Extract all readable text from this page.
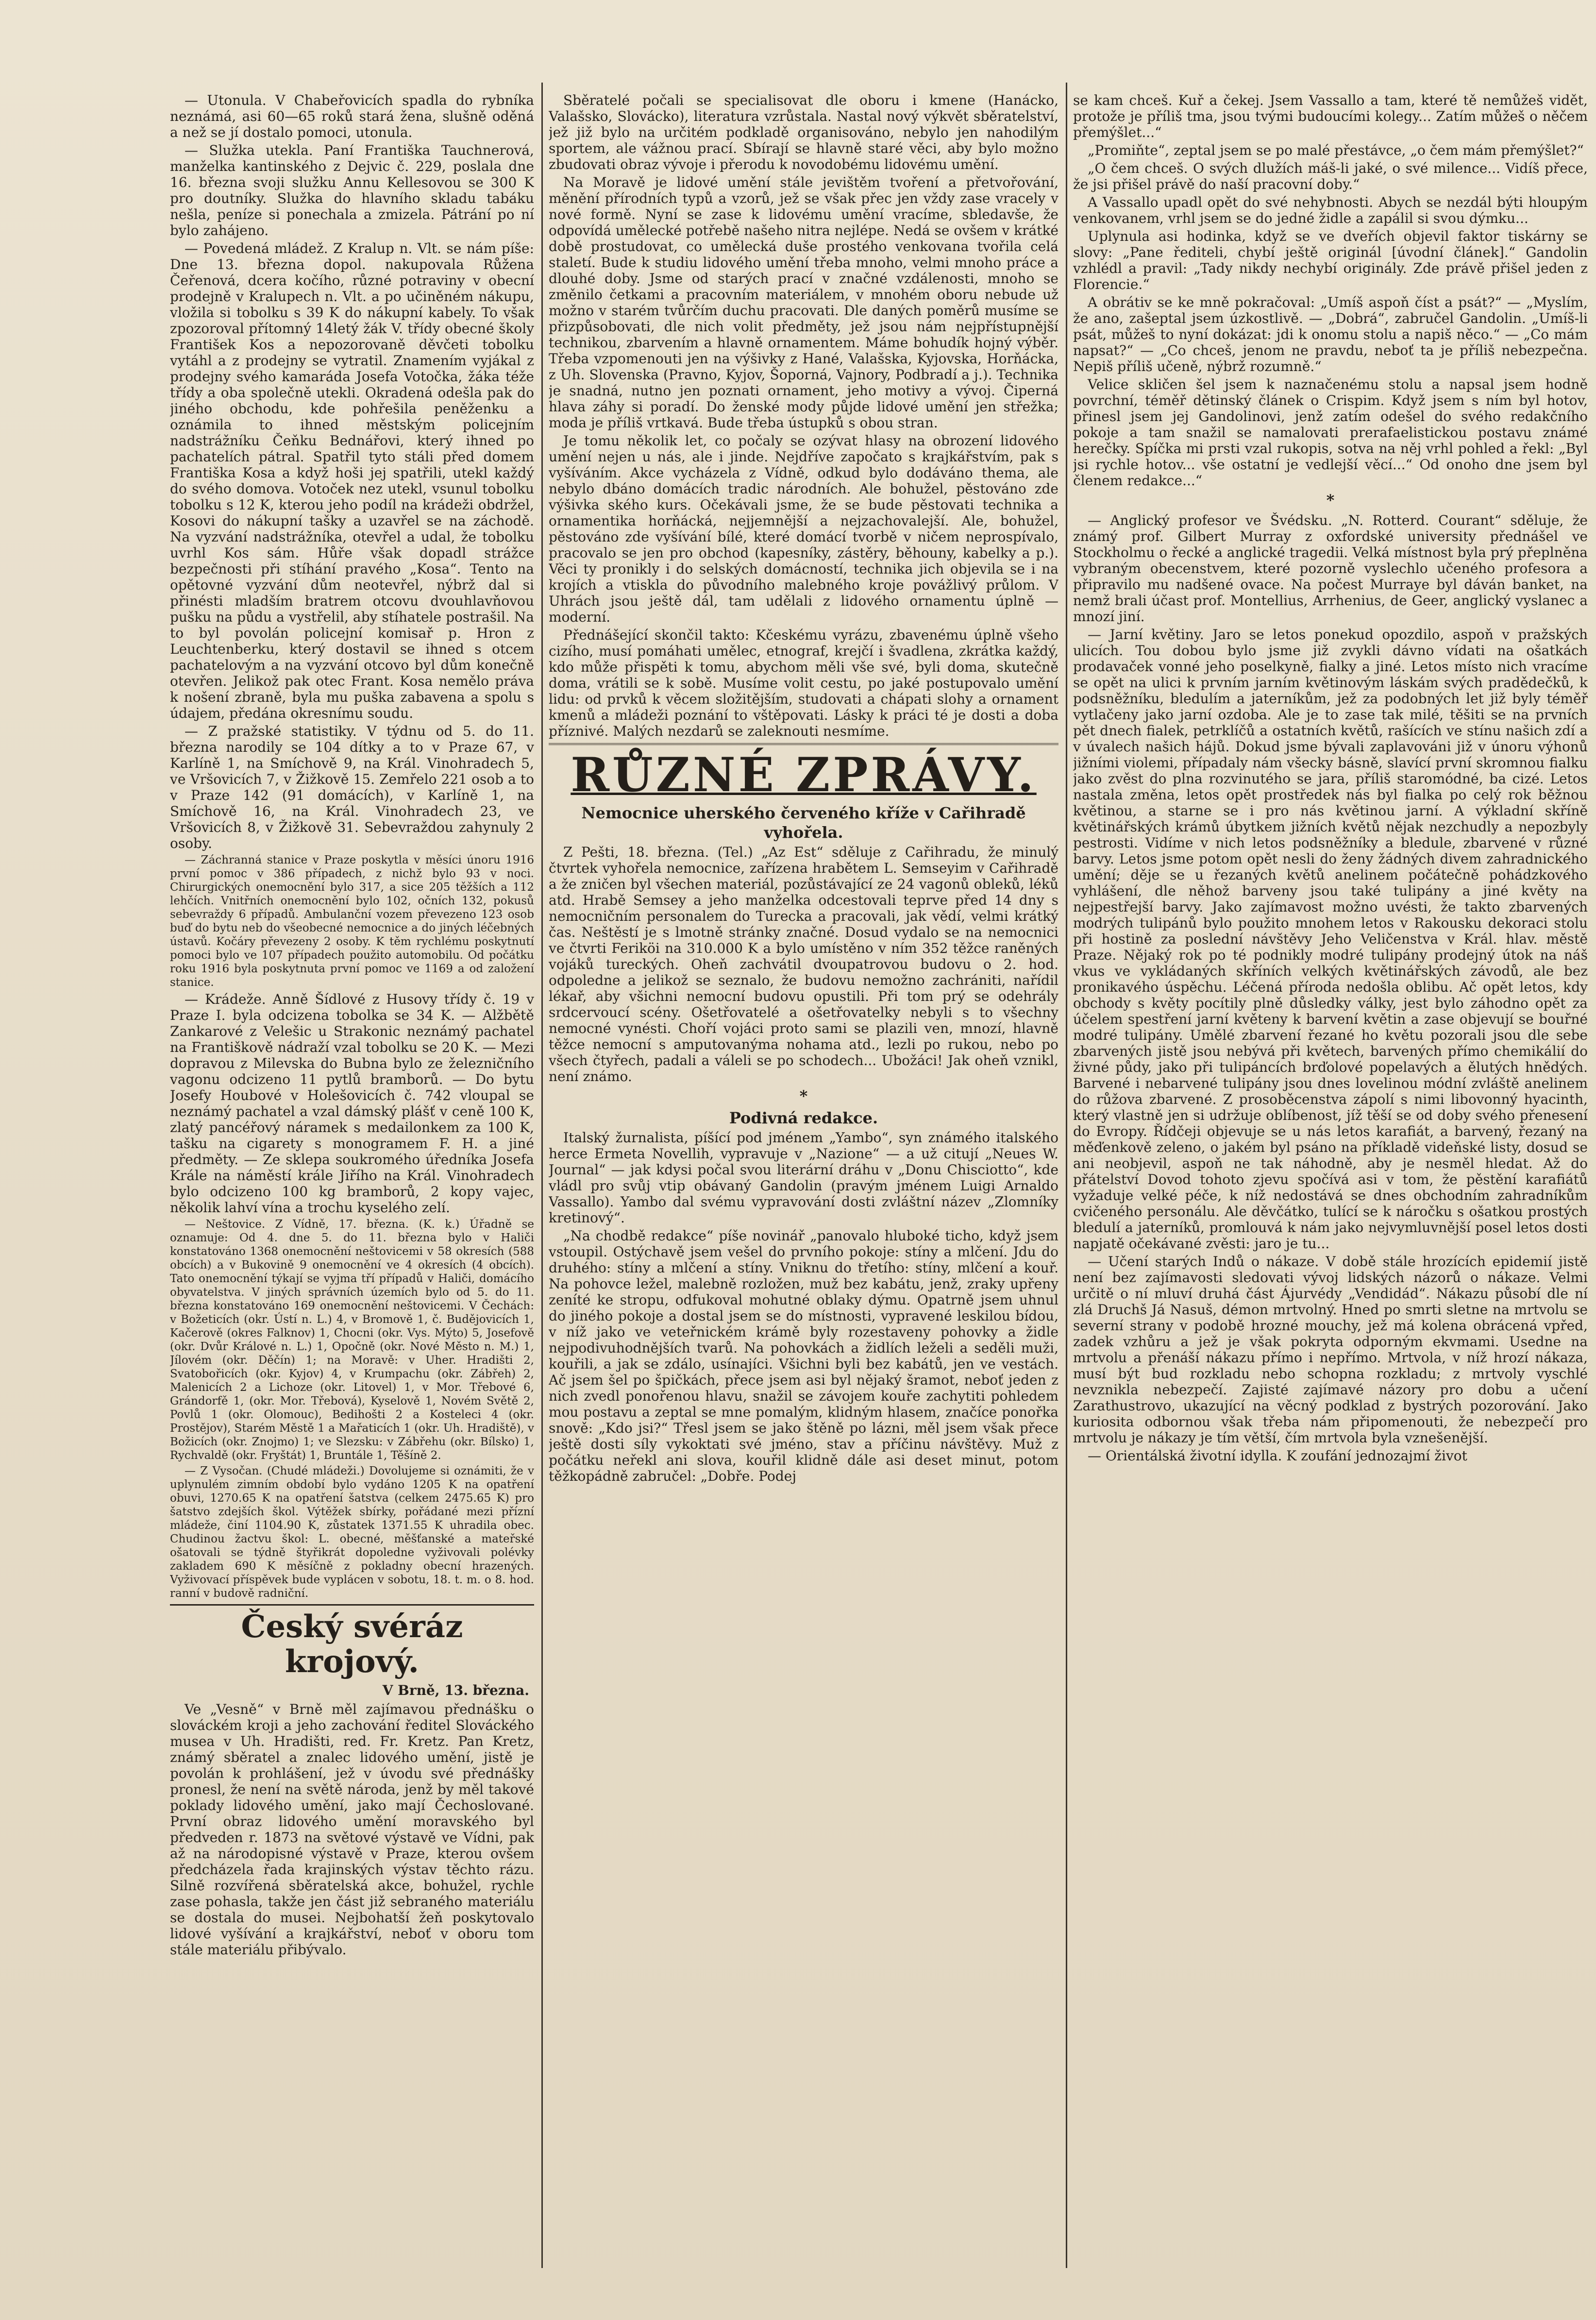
— Utonula. V Chabeřovicích spadla do rybníka neznámá, asi 60—65 roků stará žena, slušně oděná a než se jí dostalo pomoci, utonula.

— Služka utekla. Paní Františka Tauchnerová, manželka kantinského z Dejvic č. 229, poslala dne 16. března svoji služku Annu Kellesovou se 300 K pro doutníky. Služka do hlavního skladu tabáku nešla, peníze si ponechala a zmizela. Pátrání po ní bylo zahájeno.

— Povedená mládež. Z Kralup n. Vlt. se nám píše: Dne 13. března dopol. nakupovala Růžena Čeřenová, dcera kočího, různé potraviny v obecní prodejně v Kralupech n. Vlt. a po učiněném nákupu, vložila si tobolku s 39 K do nákupní kabely. To však zpozoroval přítomný 14letý žák V. třídy obecné školy František Kos a nepozorovaně děvčeti tobolku vytáhl a z prodejny se vytratil. Znamením vyjákal z prodejny svého kamaráda Josefa Votočka, žáka téže třídy a oba společně utekli. Okradená odešla pak do jiného obchodu, kde pohřešila peněženku a oznámila to ihned městským policejním nadstrážníku Čeňku Bednářovi, který ihned po pachatelích pátral. Spatřil tyto stáli před domem Františka Kosa a když hoši jej spatřili, utekl každý do svého domova. Votoček nez utekl, vsunul tobolku tobolku s 12 K, kterou jeho podíl na krádeži obdržel, Kosovi do nákupní tašky a uzavřel se na záchodě. Na vyzvání nadstrážníka, otevřel a udal, že tobolku uvrhl Kos sám. Hůře však dopadl strážce bezpečnosti při stíhání pravého „Kosa“. Tento na opětovné vyzvání dům neotevřel, nýbrž dal si přinésti mladším bratrem otcovu dvouhlavňovou pušku na půdu a vystřelil, aby stíhatele postrašil. Na to byl povolán policejní komisař p. Hron z Leuchtenberku, který dostavil se ihned s otcem pachatelovým a na vyzvání otcovo byl dům konečně otevřen. Jelikož pak otec Frant. Kosa nemělo práva k nošení zbraně, byla mu puška zabavena a spolu s údajem, předána okresnímu soudu.

— Z pražské statistiky. V týdnu od 5. do 11. března narodily se 104 dítky a to v Praze 67, v Karlíně 1, na Smíchově 9, na Král. Vinohradech 5, ve Vršovicích 7, v Žižkově 15. Zemřelo 221 osob a to v Praze 142 (91 domácích), v Karlíně 1, na Smíchově 16, na Král. Vinohradech 23, ve Vršovicích 8, v Žižkově 31. Sebevraždou zahynuly 2 osoby.

— Záchranná stanice v Praze poskytla v měsíci únoru 1916 první pomoc v 386 případech, z nichž bylo 93 v noci. Chirurgických onemocnění bylo 317, a sice 205 těžších a 112 lehčích. Vnitřních onemocnění bylo 102, očních 132, pokusů sebevraždy 6 případů. Ambulanční vozem převezeno 123 osob buď do bytu neb do všeobecné nemocnice a do jiných léčebných ústavů. Kočáry převezeny 2 osoby. K těm rychlému poskytnutí pomoci bylo ve 107 případech použito automobilu. Od počátku roku 1916 byla poskytnuta první pomoc ve 1169 a od založení stanice.

— Krádeže. Anně Šídlové z Husovy třídy č. 19 v Praze I. byla odcizena tobolka se 34 K. — Alžbětě Zankarové z Velešic u Strakonic neznámý pachatel na Františkově nádraží vzal tobolku se 20 K. — Mezi dopravou z Milevska do Bubna bylo ze železničního vagonu odcizeno 11 pytlů bramborů. — Do bytu Josefy Houbové v Holešovicích č. 742 vloupal se neznámý pachatel a vzal dámský plášť v ceně 100 K, zlatý pancéřový náramek s medailonkem za 100 K, tašku na cigarety s monogramem F. H. a jiné předměty. — Ze sklepa soukromého úředníka Josefa Krále na náměstí krále Jiřího na Král. Vinohradech bylo odcizeno 100 kg bramborů, 2 kopy vajec, několik lahví vína a trochu kyselého zelí.

— Neštovice. Z Vídně, 17. března. (K. k.) Úřadně se oznamuje: Od 4. dne 5. do 11. března bylo v Haliči konstatováno 1368 onemocnění neštovicemi v 58 okresích (588 obcích) a v Bukovině 9 onemocnění ve 4 okresích (4 obcích). Tato onemocnění týkají se vyjma tří případů v Haliči, domácího obyvatelstva. V jiných správních územích bylo od 5. do 11. března konstatováno 169 onemocnění neštovicemi. V Čechách: v Božeticích (okr. Ústí n. L.) 4, v Bromově 1, č. Budějovicích 1, Kačerově (okres Falknov) 1, Chocni (okr. Vys. Mýto) 5, Josefově (okr. Dvůr Králové n. L.) 1, Opočně (okr. Nové Město n. M.) 1, Jílovém (okr. Děčín) 1; na Moravě: v Uher. Hradišti 2, Svatobořicích (okr. Kyjov) 4, v Krumpachu (okr. Zábřeh) 2, Malenicích 2 a Lichoze (okr. Litovel) 1, v Mor. Třebové 6, Grándorfě 1, (okr. Mor. Třebová), Kyselově 1, Novém Světě 2, Povlů 1 (okr. Olomouc), Bedihošti 2 a Kosteleci 4 (okr. Prostějov), Starém Městě 1 a Mařaticích 1 (okr. Uh. Hradiště), v Božicích (okr. Znojmo) 1; ve Slezsku: v Zábřehu (okr. Bílsko) 1, Rychvaldě (okr. Fryštát) 1, Bruntále 1, Těšíně 2.

— Z Vysočan. (Chudé mládeži.) Dovolujeme si oznámiti, že v uplynulém zimním období bylo vydáno 1205 K na opatření obuvi, 1270.65 K na opatření šatstva (celkem 2475.65 K) pro šatstvo zdejších škol. Výtěžek sbírky, pořádané mezi přízní mládeže, činí 1104.90 K, zůstatek 1371.55 K uhradila obec. Chudinou žactvu škol: L. obecné, měšťanské a mateřské ošatovali se týdně štyřikrát dopoledne vyživovali polévky zakladem 690 K měsíčně z pokladny obecní hrazených. Vyživovací příspěvek bude vyplácen v sobotu, 18. t. m. o 8. hod. ranní v budově radniční.

Český svéráz krojový.
V Brně, 13. března.

Ve „Vesně“ v Brně měl zajímavou přednášku o slováckém kroji a jeho zachování ředitel Slováckého musea v Uh. Hradišti, red. Fr. Kretz. Pan Kretz, známý sběratel a znalec lidového umění, jistě je povolán k prohlášení, jež v úvodu své přednášky pronesl, že není na světě národa, jenž by měl takové poklady lidového umění, jako mají Čechoslované. První obraz lidového umění moravského byl předveden r. 1873 na světové výstavě ve Vídni, pak až na národopisné výstavě v Praze, kterou ovšem předcházela řada krajinských výstav těchto rázu. Silně rozvířená sběratelská akce, bohužel, rychle zase pohasla, takže jen část již sebraného materiálu se dostala do musei. Nejbohatší žeň poskytovalo lidové vyšívání a krajkářství, neboť v oboru tom stále materiálu přibývalo.

Sběratelé počali se specialisovat dle oboru i kmene (Hanácko, Valašsko, Slovácko), literatura vzrůstala. Nastal nový výkvět sběratelství, jež již bylo na určitém podkladě organisováno, nebylo jen nahodilým sportem, ale vážnou prací. Sbírají se hlavně staré věci, aby bylo možno zbudovati obraz vývoje i přerodu k novodobému lidovému umění.

Na Moravě je lidové umění stále jevištěm tvoření a přetvořování, měnění přírodních typů a vzorů, jež se však přec jen vždy zase vracely v nové formě. Nyní se zase k lidovému umění vracíme, sbledavše, že odpovídá umělecké potřebě našeho nitra nejlépe. Nedá se ovšem v krátké době prostudovat, co umělecká duše prostého venkovana tvořila celá staletí. Bude k studiu lidového umění třeba mnoho, velmi mnoho práce a dlouhé doby. Jsme od starých prací v značné vzdálenosti, mnoho se změnilo četkami a pracovním materiálem, v mnohém oboru nebude už možno v starém tvůrčím duchu pracovati. Dle daných poměrů musíme se přizpůsobovati, dle nich volit předměty, jež jsou nám nejpřístupnější technikou, zbarvením a hlavně ornamentem. Máme bohudík hojný výběr. Třeba vzpomenouti jen na výšivky z Hané, Valašska, Kyjovska, Horňácka, z Uh. Slovenska (Pravno, Kyjov, Šoporná, Vajnory, Podbradí a j.). Technika je snadná, nutno jen poznati ornament, jeho motivy a vývoj. Čiperná hlava záhy si poradí. Do ženské mody půjde lidové umění jen střežka; moda je příliš vrtkavá. Bude třeba ústupků s obou stran.

Je tomu několik let, co počaly se ozývat hlasy na obrození lidového umění nejen u nás, ale i jinde. Nejdříve započato s krajkářstvím, pak s vyšíváním. Akce vycházela z Vídně, odkud bylo dodáváno thema, ale nebylo dbáno domácích tradic národních. Ale bohužel, pěstováno zde výšivka ského kurs. Očekávali jsme, že se bude pěstovati technika a ornamentika horňácká, nejjemnější a nejzachovalejší. Ale, bohužel, pěstováno zde vyšívání bílé, které domácí tvorbě v ničem neprospívalo, pracovalo se jen pro obchod (kapesníky, zástěry, běhouny, kabelky a p.). Věci ty pronikly i do selských domácností, technika jich objevila se i na krojích a vtiskla do původního malebného kroje povážlivý průlom. V Uhrách jsou ještě dál, tam udělali z lidového ornamentu úplně — moderní.

Přednášející skončil takto: Kčeskému vyrázu, zbavenému úplně všeho cizího, musí pomáhati umělec, etnograf, krejčí i švadlena, zkrátka každý, kdo může přispěti k tomu, abychom měli vše své, byli doma, skutečně doma, vrátili se k sobě. Musíme volit cestu, po jaké postupovalo umění lidu: od prvků k věcem složitějším, studovati a chápati slohy a ornament kmenů a mládeži poznání to vštěpovati. Lásky k práci té je dosti a doba příznivé. Malých nezdarů se zaleknouti nesmíme.

RŮZNÉ ZPRÁVY.
Nemocnice uherského červeného kříže v Cařihradě vyhořela.

Z Pešti, 18. března. (Tel.) „Az Est“ sděluje z Cařihradu, že minulý čtvrtek vyhořela nemocnice, zařízena hrabětem L. Semseyim v Cařihradě a že zničen byl všechen materiál, pozůstávající ze 24 vagonů obleků, léků atd. Hrabě Semsey a jeho manželka odcestovali teprve před 14 dny s nemocničním personalem do Turecka a pracovali, jak vědí, velmi krátký čas. Neštěstí je s lmotně stránky značné. Dosud vydalo se na nemocnici ve čtvrti Feriköi na 310.000 K a bylo umístěno v ním 352 těžce raněných vojáků tureckých. Oheň zachvátil dvoupatrovou budovu o 2. hod. odpoledne a jelikož se seznalo, že budovu nemožno zachrániti, nařídil lékař, aby všichni nemocní budovu opustili. Při tom prý se odehrály srdcervoucí scény. Ošetřovatelé a ošetřovatelky nebyli s to všechny nemocné vynésti. Choří vojáci proto sami se plazili ven, mnozí, hlavně těžce nemocní s amputovanýma nohama atd., lezli po rukou, nebo po všech čtyřech, padali a váleli se po schodech... Ubožáci! Jak oheň vznikl, není známo.

*
Podivná redakce.

Italský žurnalista, píšící pod jménem „Yambo“, syn známého italského herce Ermeta Novellih, vypravuje v „Nazione“ — a už citují „Neues W. Journal“ — jak kdysi počal svou literární dráhu v „Donu Chisciotto“, kde vládl pro svůj vtip obávaný Gandolin (pravým jménem Luigi Arnaldo Vassallo). Yambo dal svému vypravování dosti zvláštní název „Zlomníky kretinový“.

„Na chodbě redakce“ píše novinář „panovalo hluboké ticho, když jsem vstoupil. Ostýchavě jsem vešel do prvního pokoje: stíny a mlčení. Jdu do druhého: stíny a mlčení a stíny. Vniknu do třetího: stíny, mlčení a kouř. Na pohovce ležel, malebně rozložen, muž bez kabátu, jenž, zraky upřeny zeníté ke stropu, odfukoval mohutné oblaky dýmu. Opatrně jsem uhnul do jiného pokoje a dostal jsem se do místnosti, vypravené leskilou bídou, v níž jako ve veteřnickém krámě byly rozestaveny pohovky a židle nejpodivuhodnějších tvarů. Na pohovkách a židlích leželi a seděli muži, kouřili, a jak se zdálo, usínajíci. Všichni byli bez kabátů, jen ve vestách. Ač jsem šel po špičkách, přece jsem asi byl nějaký šramot, neboť jeden z nich zvedl ponořenou hlavu, snažil se závojem kouře zachytiti pohledem mou postavu a zeptal se mne pomalým, klidným hlasem, značíce ponořka snově: „Kdo jsi?“ Třesl jsem se jako štěně po lázni, měl jsem však přece ještě dosti síly vykoktati své jméno, stav a příčinu návštěvy. Muž z počátku neřekl ani slova, kouřil klidně dále asi deset minut, potom těžkopádně zabručel: „Dobře. Podej

se kam chceš. Kuř a čekej. Jsem Vassallo a tam, které tě nemůžeš vidět, protože je příliš tma, jsou tvými budoucími kolegy... Zatím můžeš o něčem přemýšlet...“

„Promiňte“, zeptal jsem se po malé přestávce, „o čem mám přemýšlet?“

„O čem chceš. O svých dlužích máš-li jaké, o své milence... Vidíš přece, že jsi přišel právě do naší pracovní doby.“

A Vassallo upadl opět do své nehybnosti. Abych se nezdál býti hloupým venkovanem, vrhl jsem se do jedné židle a zapálil si svou dýmku...

Uplynula asi hodinka, když se ve dveřích objevil faktor tiskárny se slovy: „Pane řediteli, chybí ještě originál [úvodní článek].“ Gandolin vzhlédl a pravil: „Tady nikdy nechybí originály. Zde právě přišel jeden z Florencie.“

A obrátiv se ke mně pokračoval: „Umíš aspoň číst a psát?“ — „Myslím, že ano, zašeptal jsem úzkostlivě. — „Dobrá“, zabručel Gandolin. „Umíš-li psát, můžeš to nyní dokázat: jdi k onomu stolu a napiš něco.“ — „Co mám napsat?“ — „Co chceš, jenom ne pravdu, neboť ta je příliš nebezpečna. Nepiš příliš učeně, nýbrž rozumně.“

Velice skličen šel jsem k naznačenému stolu a napsal jsem hodně povrchní, téměř dětinský článek o Crispim. Když jsem s ním byl hotov, přinesl jsem jej Gandolinovi, jenž zatím odešel do svého redakčního pokoje a tam snažil se namalovati prerafaelistickou postavu známé herečky. Spíčka mi prsti vzal rukopis, sotva na něj vrhl pohled a řekl: „Byl jsi rychle hotov... vše ostatní je vedlejší věcí...“ Od onoho dne jsem byl členem redakce...“

*

— Anglický profesor ve Švédsku. „N. Rotterd. Courant“ sděluje, že známý prof. Gilbert Murray z oxfordské university přednášel ve Stockholmu o řecké a anglické tragedii. Velká místnost byla prý přeplněna vybraným obecenstvem, které pozorně vyslechlo učeného profesora a připravilo mu nadšené ovace. Na počest Murraye byl dáván banket, na nemž brali účast prof. Montellius, Arrhenius, de Geer, anglický vyslanec a mnozí jiní.

— Jarní květiny. Jaro se letos ponekud opozdilo, aspoň v pražských ulicích. Tou dobou bylo jsme již zvykli dávno vídati na ošatkách prodavaček vonné jeho poselkyně, fialky a jiné. Letos místo nich vracíme se opět na ulici k prvním jarním květinovým láskám svých pradědečků, k podsněžníku, bledulím a jaterníkům, jež za podobných let již byly téměř vytlačeny jako jarní ozdoba. Ale je to zase tak milé, těšiti se na prvních pět dnech fialek, petrklíčů a ostatních květů, rašících ve stínu našich zdí a v úvalech našich hájů. Dokud jsme bývali zaplavováni již v únoru výhonů jižními violemi, případaly nám všecky básně, slavící první skromnou fialku jako zvěst do plna rozvinutého se jara, příliš staromódné, ba cizé. Letos nastala změna, letos opět prostředek nás byl fialka po celý rok běžnou květinou, a starne se i pro nás květinou jarní. A výkladní skříně květinářských krámů úbytkem jižních květů nějak nezchudly a nepozbyly pestrosti. Vidíme v nich letos podsněžníky a bledule, zbarvené v různé barvy. Letos jsme potom opět nesli do ženy žádných divem zahradnického umění; děje se u řezaných květů anelinem počátečně pohádzkového vyhlášení, dle něhož barveny jsou také tulipány a jiné květy na nejpestřejší barvy. Jako zajímavost možno uvésti, že takto zbarvených modrých tulipánů bylo použito mnohem letos v Rakousku dekoraci stolu při hostině za poslední návštěvy Jeho Veličenstva v Král. hlav. městě Praze. Nějaký rok po té podnikly modré tulipány prodejný útok na náš vkus ve vykládaných skříních velkých květinářských závodů, ale bez pronikavého úspěchu. Léčená příroda nedošla oblibu. Ač opět letos, kdy obchody s květy pocítily plně důsledky války, jest bylo záhodno opět za účelem spestření jarní květeny k barvení květin a zase objevují se bouřné modré tulipány. Umělé zbarvení řezané ho květu pozorali jsou dle sebe zbarvených jistě jsou nebývá při květech, barvených přímo chemikálií do živné půdy, jako při tulipáncích brďolové popelavých a ělutých hnědých. Barvené i nebarvené tulipány jsou dnes lovelinou módní zvláště anelinem do růžova zbarvené. Z prosoběcenstva zápolí s nimi libovonný hyacinth, který vlastně jen si udržuje oblíbenost, jíž těší se od doby svého přenesení do Evropy. Řídčeji objevuje se u nás letos karafiát, a barvený, řezaný na měďenkově zeleno, o jakém byl psáno na příkladě videňské listy, dosud se ani neobjevil, aspoň ne tak náhodně, aby je nesměl hledat. Až do přátelství Dovod tohoto zjevu spočívá asi v tom, že pěstění karafiátů vyžaduje velké péče, k níž nedostává se dnes obchodním zahradníkům cvičeného personálu. Ale děvčátko, tulící se k náročku s ošatkou prostých bledulí a jaterníků, promlouvá k nám jako nejvymluvnější posel letos dosti napjatě očekávané zvěsti: jaro je tu...

— Učení starých Indů o nákaze. V době stále hrozících epidemií jistě není bez zajímavosti sledovati vývoj lidských názorů o nákaze. Velmi určitě o ní mluví druhá část Ájurvédy „Vendidád“. Nákazu působí dle ní zlá Druchš Já Nasuš, démon mrtvolný. Hned po smrti sletne na mrtvolu se severní strany v podobě hrozné mouchy, jež má kolena obrácená vpřed, zadek vzhůru a jež je však pokryta odporným ekvmami. Usedne na mrtvolu a přenáší nákazu přímo i nepřímo. Mrtvola, v níž hrozí nákaza, musí být bud rozkladu nebo schopna rozkladu; z mrtvoly vyschlé nevznikla nebezpečí. Zajisté zajímavé názory pro dobu a učení Zarathustrovo, ukazující na věcný podklad z bystrých pozorování. Jako kuriosita odbornou však třeba nám připomenouti, že nebezpečí pro mrtvolu je nákazy je tím větší, čím mrtvola byla vznešenější.

— Orientálská životní idylla. K zoufání jednozajmí život
